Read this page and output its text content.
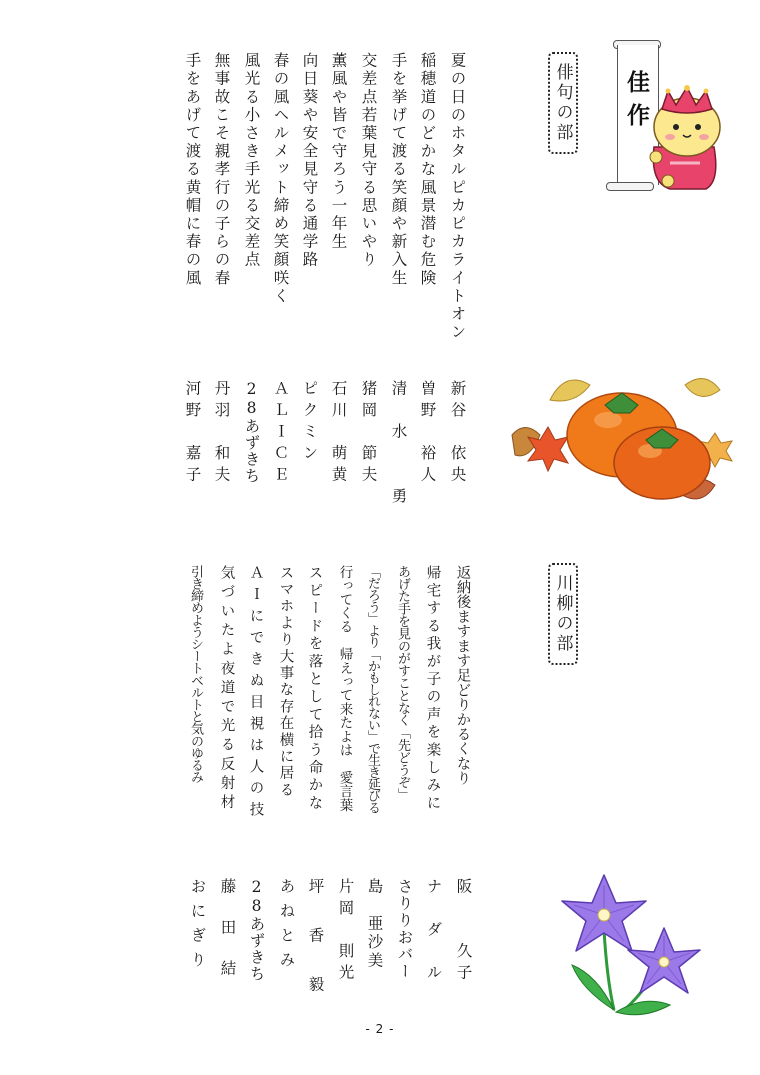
佳作
俳句の部
夏の日のホタルピカピカライトオン
稲穂道のどかな風景潜む危険
手を挙げて渡る笑顔や新入生
交差点若葉見守る思いやり
薫風や皆で守ろう一年生
向日葵や安全見守る通学路
春の風ヘルメット締め笑顔咲く
風光る小さき手光る交差点
無事故こそ親孝行の子らの春
手をあげて渡る黄帽に春の風
新谷　依央
曽野　裕人
清　水　　勇
猪岡　節夫
石川　萌黄
ピクミン
ＡＬＩＣＥ
28あずきち
丹羽　和夫
河野　嘉子
川柳の部
返納後ますます足どりかるくなり
帰宅する我が子の声を楽しみに
あげた手を見のがすことなく「先どうぞ」
「だろう」より「かもしれない」で生き延びる
行ってくる　帰えって来たよは　愛言葉
スピードを落として拾う命かな
スマホより大事な存在横に居る
ＡＩにできぬ目視は人の技
気づいたよ夜道で光る反射材
引き締めようシートベルトと気のゆるみ
阪　　久子
ナ　ダ　ル
さりりおバー
島　亜沙美
片岡　則光
坪　香　毅
あねとみ
28あずきち
藤　田　結
おにぎり
- 2 -
